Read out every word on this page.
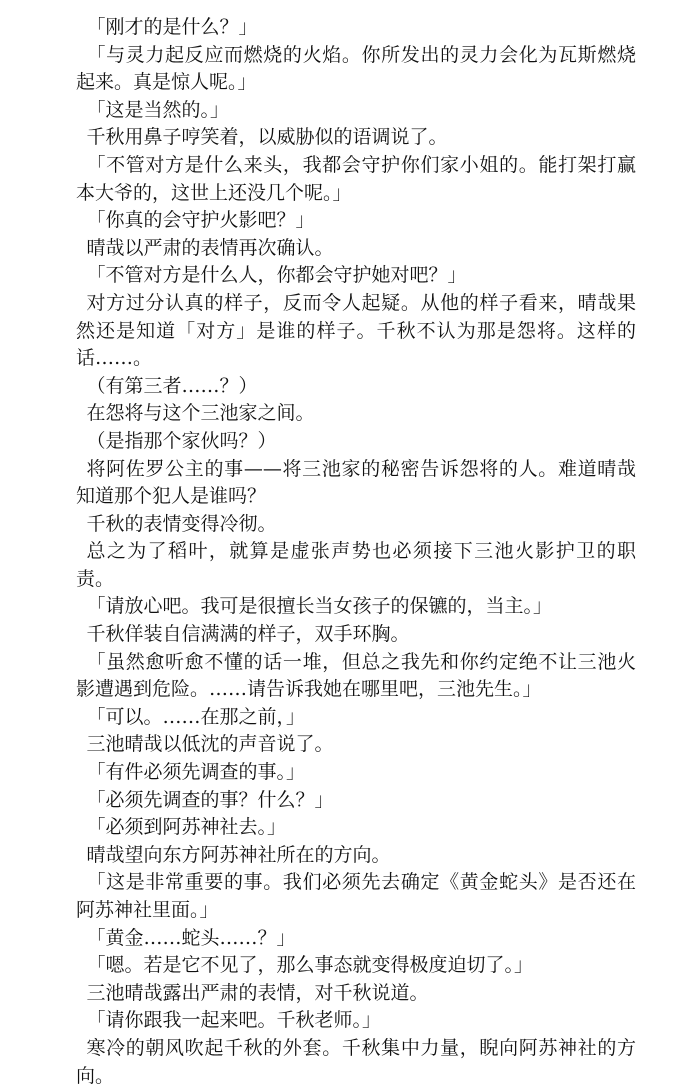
「刚才的是什么？」

「与灵力起反应而燃烧的火焰。你所发出的灵力会化为瓦斯燃烧起来。真是惊人呢。」

「这是当然的。」

千秋用鼻子哼笑着，以威胁似的语调说了。

「不管对方是什么来头，我都会守护你们家小姐的。能打架打赢本大爷的，这世上还没几个呢。」

「你真的会守护火影吧？」

晴哉以严肃的表情再次确认。

「不管对方是什么人，你都会守护她对吧？」

对方过分认真的样子，反而令人起疑。从他的样子看来，晴哉果然还是知道「对方」是谁的样子。千秋不认为那是怨将。这样的话……。

（有第三者……？）

在怨将与这个三池家之间。

（是指那个家伙吗？）

将阿佐罗公主的事——将三池家的秘密告诉怨将的人。难道晴哉知道那个犯人是谁吗？

千秋的表情变得冷彻。

总之为了稻叶，就算是虚张声势也必须接下三池火影护卫的职责。

「请放心吧。我可是很擅长当女孩子的保镳的，当主。」

千秋佯装自信满满的样子，双手环胸。

「虽然愈听愈不懂的话一堆，但总之我先和你约定绝不让三池火影遭遇到危险。……请告诉我她在哪里吧，三池先生。」

「可以。……在那之前，」

三池晴哉以低沈的声音说了。

「有件必须先调查的事。」

「必须先调查的事？什么？」

「必须到阿苏神社去。」

晴哉望向东方阿苏神社所在的方向。

「这是非常重要的事。我们必须先去确定《黄金蛇头》是否还在阿苏神社里面。」

「黄金……蛇头……？」

「嗯。若是它不见了，那么事态就变得极度迫切了。」

三池晴哉露出严肃的表情，对千秋说道。

「请你跟我一起来吧。千秋老师。」

寒冷的朝风吹起千秋的外套。千秋集中力量，睨向阿苏神社的方向。
